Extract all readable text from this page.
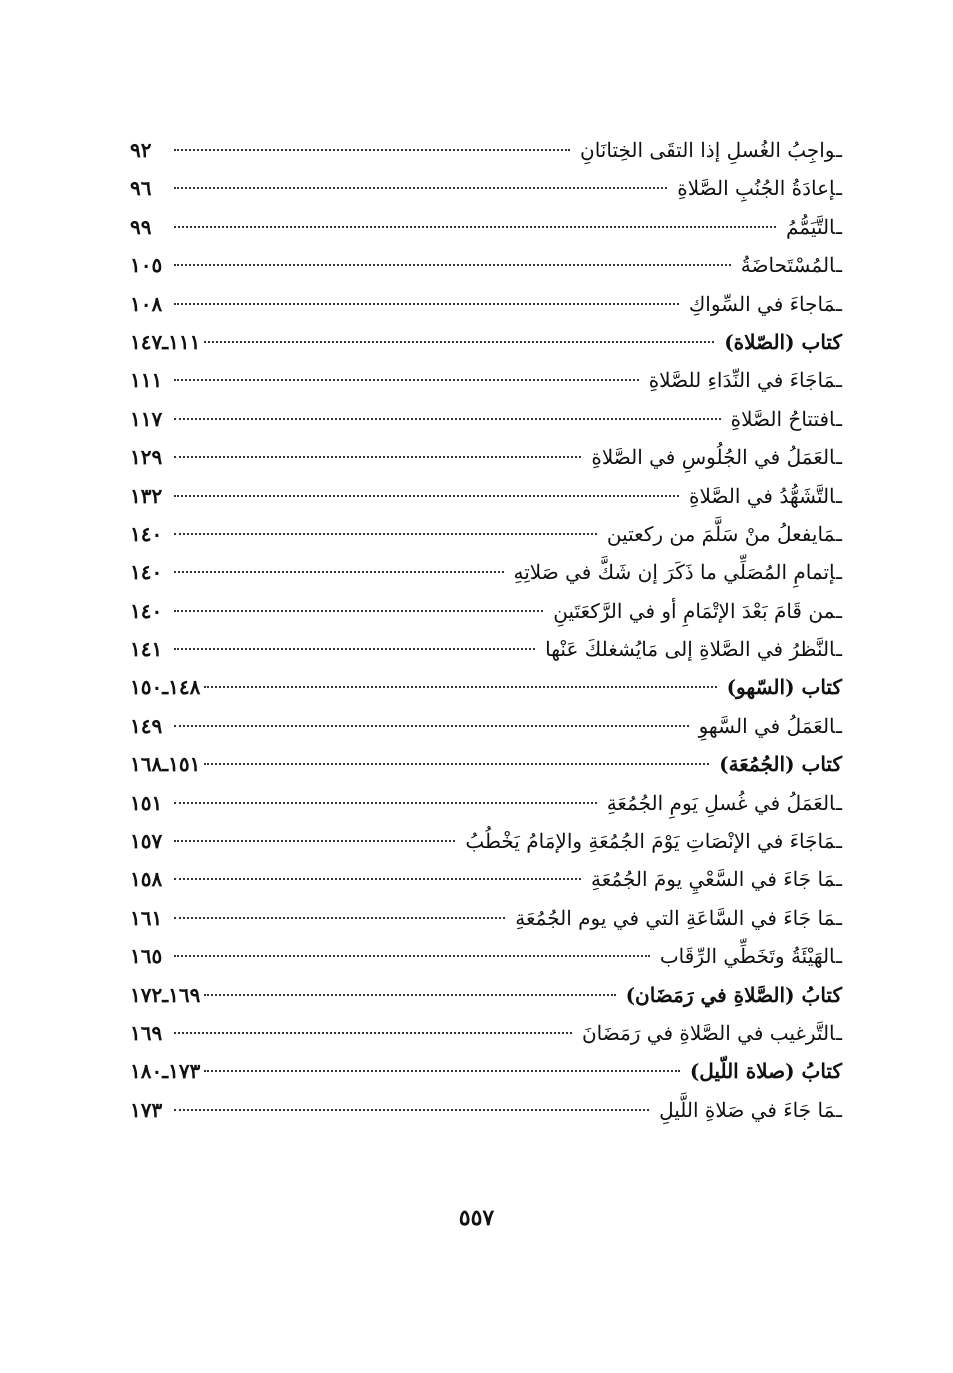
ـواجِبُ الغُسلِ إذا التقَى الخِتانَانِ
٩٢
ـإعادَةُ الجُنُبِ الصَّلاةِ
٩٦
ـالتَّيَمُّمُ
٩٩
ـالمُسْتَحاضَةُ
١٠٥
ـمَاجاءَ في السِّواكِ
١٠٨
كتاب (الصّلاة)
١١١ـ١٤٧
ـمَاجَاءَ في النِّدَاءِ للصَّلاةِ
١١١
ـافتتاحُ الصَّلاةِ
١١٧
ـالعَمَلُ في الجُلُوسِ في الصَّلاةِ
١٢٩
ـالتَّشَهُّدُ في الصَّلاةِ
١٣٢
ـمَايفعلُ منْ سَلَّمَ من ركعتين
١٤٠
ـإتمامِ المُصَلِّي ما ذَكَرَ إن شَكَّ في صَلاتِهِ
١٤٠
ـمن قَامَ بَعْدَ الإتْمَامِ أو في الرَّكعَتَينِ
١٤٠
ـالنَّظرُ في الصَّلاةِ إلى مَايُشغلكَ عَنْها
١٤١
كتاب (السّهو)
١٤٨ـ١٥٠
ـالعَمَلُ في السَّهوِ
١٤٩
كتاب (الجُمُعَة)
١٥١ـ١٦٨
ـالعَمَلُ في غُسلِ يَومِ الجُمُعَةِ
١٥١
ـمَاجَاءَ في الإنْصَاتِ يَوْمَ الجُمُعَةِ والإمَامُ يَخْطُبُ
١٥٧
ـمَا جَاءَ في السَّعْيِ يومَ الجُمُعَةِ
١٥٨
ـمَا جَاءَ في السَّاعَةِ التي في يوم الجُمُعَةِ
١٦١
ـالهَيْئَةُ وتَخَطِّي الرِّقَاب
١٦٥
كتابُ (الصَّلاةِ في رَمَضَان)
١٦٩ـ١٧٢
ـالتَّرغيب في الصَّلاةِ في رَمَضَانَ
١٦٩
كتابُ (صلاة اللّيل)
١٧٣ـ١٨٠
ـمَا جَاءَ في صَلاةِ اللَّيلِ
١٧٣
٥٥٧
